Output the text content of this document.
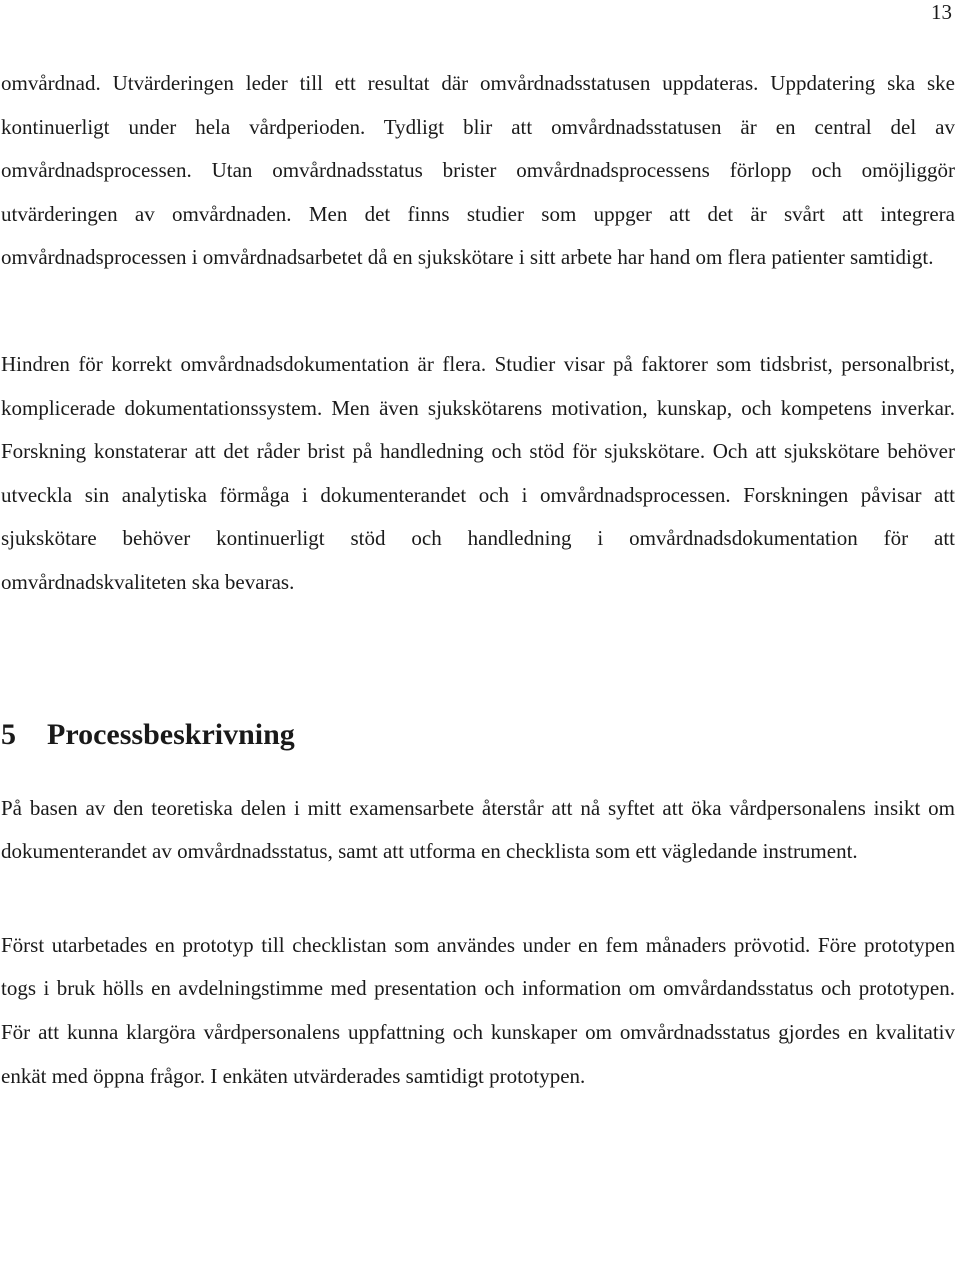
13

omvårdnad. Utvärderingen leder till ett resultat där omvårdnadsstatusen uppdateras. Uppdatering ska ske kontinuerligt under hela vårdperioden. Tydligt blir att omvårdnadsstatusen är en central del av omvårdnadsprocessen. Utan omvårdnadsstatus brister omvårdnadsprocessens förlopp och omöjliggör utvärderingen av omvårdnaden. Men det finns studier som uppger att det är svårt att integrera omvårdnadsprocessen i omvårdnadsarbetet då en sjukskötare i sitt arbete har hand om flera patienter samtidigt.

Hindren för korrekt omvårdnadsdokumentation är flera. Studier visar på faktorer som tidsbrist, personalbrist, komplicerade dokumentationssystem. Men även sjukskötarens motivation, kunskap, och kompetens inverkar. Forskning konstaterar att det råder brist på handledning och stöd för sjukskötare. Och att sjukskötare behöver utveckla sin analytiska förmåga i dokumenterandet och i omvårdnadsprocessen. Forskningen påvisar att sjukskötare behöver kontinuerligt stöd och handledning i omvårdnadsdokumentation för att omvårdnadskvaliteten ska bevaras.

5 Processbeskrivning

På basen av den teoretiska delen i mitt examensarbete återstår att nå syftet att öka vårdpersonalens insikt om dokumenterandet av omvårdnadsstatus, samt att utforma en checklista som ett vägledande instrument.

Först utarbetades en prototyp till checklistan som användes under en fem månaders prövotid. Före prototypen togs i bruk hölls en avdelningstimme med presentation och information om omvårdandsstatus och prototypen. För att kunna klargöra vårdpersonalens uppfattning och kunskaper om omvårdnadsstatus gjordes en kvalitativ enkät med öppna frågor. I enkäten utvärderades samtidigt prototypen.
